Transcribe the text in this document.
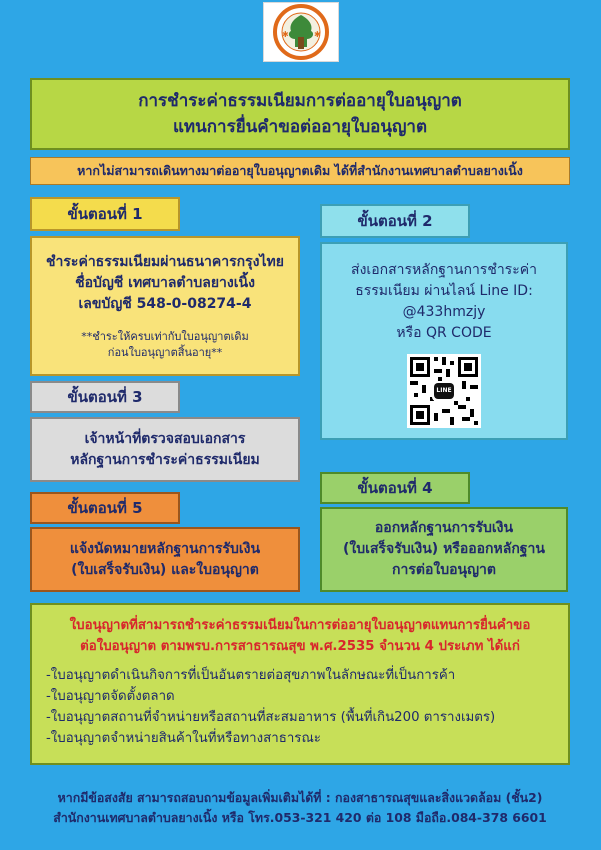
✱	✱
การชำระค่าธรรมเนียมการต่ออายุใบอนุญาต
แทนการยื่นคำขอต่ออายุใบอนุญาต
หากไม่สามารถเดินทางมาต่ออายุใบอนุญาตเดิม ได้ที่สำนักงานเทศบาลตำบลยางเนิ้ง
ขั้นตอนที่ 1
ชำระค่าธรรมเนียมผ่านธนาคารกรุงไทย
ชื่อบัญชี เทศบาลตำบลยางเนิ้ง
เลขบัญชี 548-0-08274-4
**ชำระให้ครบเท่ากับใบอนุญาตเดิม
ก่อนใบอนุญาตสิ้นอายุ**
ขั้นตอนที่ 2
ส่งเอกสารหลักฐานการชำระค่า
ธรรมเนียม ผ่านไลน์ Line ID:
@433hmzjy
หรือ QR CODE
LINE
ขั้นตอนที่ 3
เจ้าหน้าที่ตรวจสอบเอกสาร
หลักฐานการชำระค่าธรรมเนียม
ขั้นตอนที่ 4
ออกหลักฐานการรับเงิน
(ใบเสร็จรับเงิน) หรือออกหลักฐาน
การต่อใบอนุญาต
ขั้นตอนที่ 5
แจ้งนัดหมายหลักฐานการรับเงิน
(ใบเสร็จรับเงิน) และใบอนุญาต
ใบอนุญาตที่สามารถชำระค่าธรรมเนียมในการต่ออายุใบอนุญาตแทนการยื่นคำขอ
ต่อใบอนุญาต ตามพรบ.การสาธารณสุข พ.ศ.2535 จำนวน 4 ประเภท ได้แก่
-ใบอนุญาตดำเนินกิจการที่เป็นอันตรายต่อสุขภาพในลักษณะที่เป็นการค้า
-ใบอนุญาตจัดตั้งตลาด
-ใบอนุญาตสถานที่จำหน่ายหรือสถานที่สะสมอาหาร (พื้นที่เกิน200 ตารางเมตร)
-ใบอนุญาตจำหน่ายสินค้าในที่หรือทางสาธารณะ
หากมีข้อสงสัย สามารถสอบถามข้อมูลเพิ่มเติมได้ที่ : กองสาธารณสุขและสิ่งแวดล้อม (ชั้น2)
สำนักงานเทศบาลตำบลยางเนิ้ง หรือ โทร.053-321 420 ต่อ 108 มือถือ.084-378 6601
